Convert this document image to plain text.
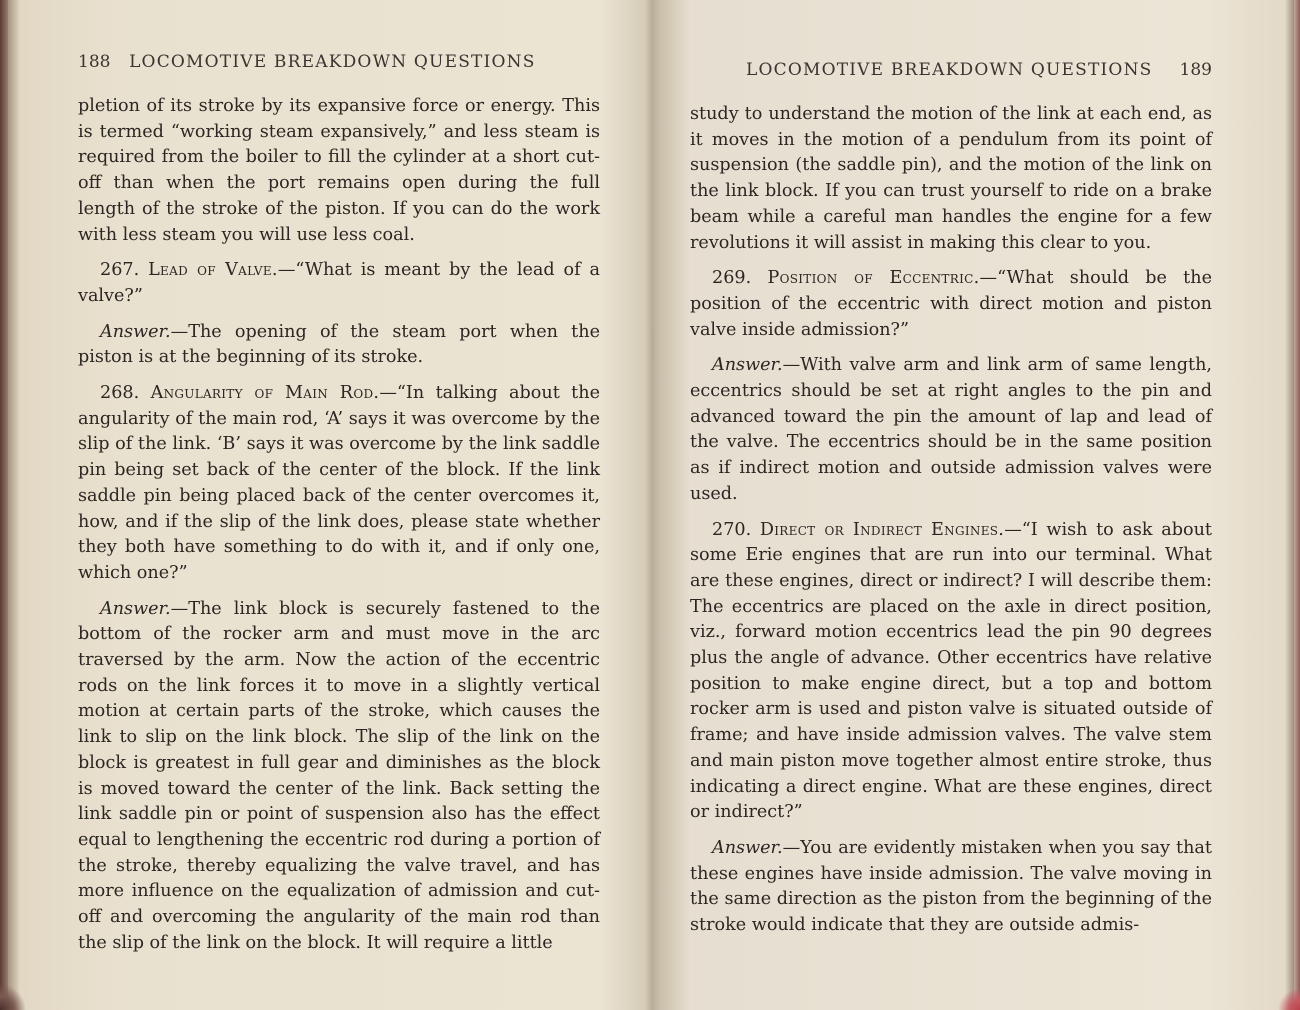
188 LOCOMOTIVE BREAKDOWN QUESTIONS

pletion of its stroke by its expansive force or energy. This is termed “working steam expansively,” and less steam is required from the boiler to fill the cylinder at a short cut-off than when the port remains open during the full length of the stroke of the piston. If you can do the work with less steam you will use less coal.

267. Lead of Valve.—“What is meant by the lead of a valve?”

Answer.—The opening of the steam port when the piston is at the beginning of its stroke.

268. Angularity of Main Rod.—“In talking about the angularity of the main rod, ‘A’ says it was overcome by the slip of the link. ‘B’ says it was overcome by the link saddle pin being set back of the center of the block. If the link saddle pin being placed back of the center overcomes it, how, and if the slip of the link does, please state whether they both have something to do with it, and if only one, which one?”

Answer.—The link block is securely fastened to the bottom of the rocker arm and must move in the arc traversed by the arm. Now the action of the eccentric rods on the link forces it to move in a slightly vertical motion at certain parts of the stroke, which causes the link to slip on the link block. The slip of the link on the block is greatest in full gear and diminishes as the block is moved toward the center of the link. Back setting the link saddle pin or point of suspension also has the effect equal to lengthening the eccentric rod during a portion of the stroke, thereby equalizing the valve travel, and has more influence on the equalization of admission and cut-off and overcoming the angularity of the main rod than the slip of the link on the block. It will require a little

LOCOMOTIVE BREAKDOWN QUESTIONS 189

study to understand the motion of the link at each end, as it moves in the motion of a pendulum from its point of suspension (the saddle pin), and the motion of the link on the link block. If you can trust yourself to ride on a brake beam while a careful man handles the engine for a few revolutions it will assist in making this clear to you.

269. Position of Eccentric.—“What should be the position of the eccentric with direct motion and piston valve inside admission?”

Answer.—With valve arm and link arm of same length, eccentrics should be set at right angles to the pin and advanced toward the pin the amount of lap and lead of the valve. The eccentrics should be in the same position as if indirect motion and outside admission valves were used.

270. Direct or Indirect Engines.—“I wish to ask about some Erie engines that are run into our terminal. What are these engines, direct or indirect? I will describe them: The eccentrics are placed on the axle in direct position, viz., forward motion eccentrics lead the pin 90 degrees plus the angle of advance. Other eccentrics have relative position to make engine direct, but a top and bottom rocker arm is used and piston valve is situated outside of frame; and have inside admission valves. The valve stem and main piston move together almost entire stroke, thus indicating a direct engine. What are these engines, direct or indirect?”

Answer.—You are evidently mistaken when you say that these engines have inside admission. The valve moving in the same direction as the piston from the beginning of the stroke would indicate that they are outside admis-
